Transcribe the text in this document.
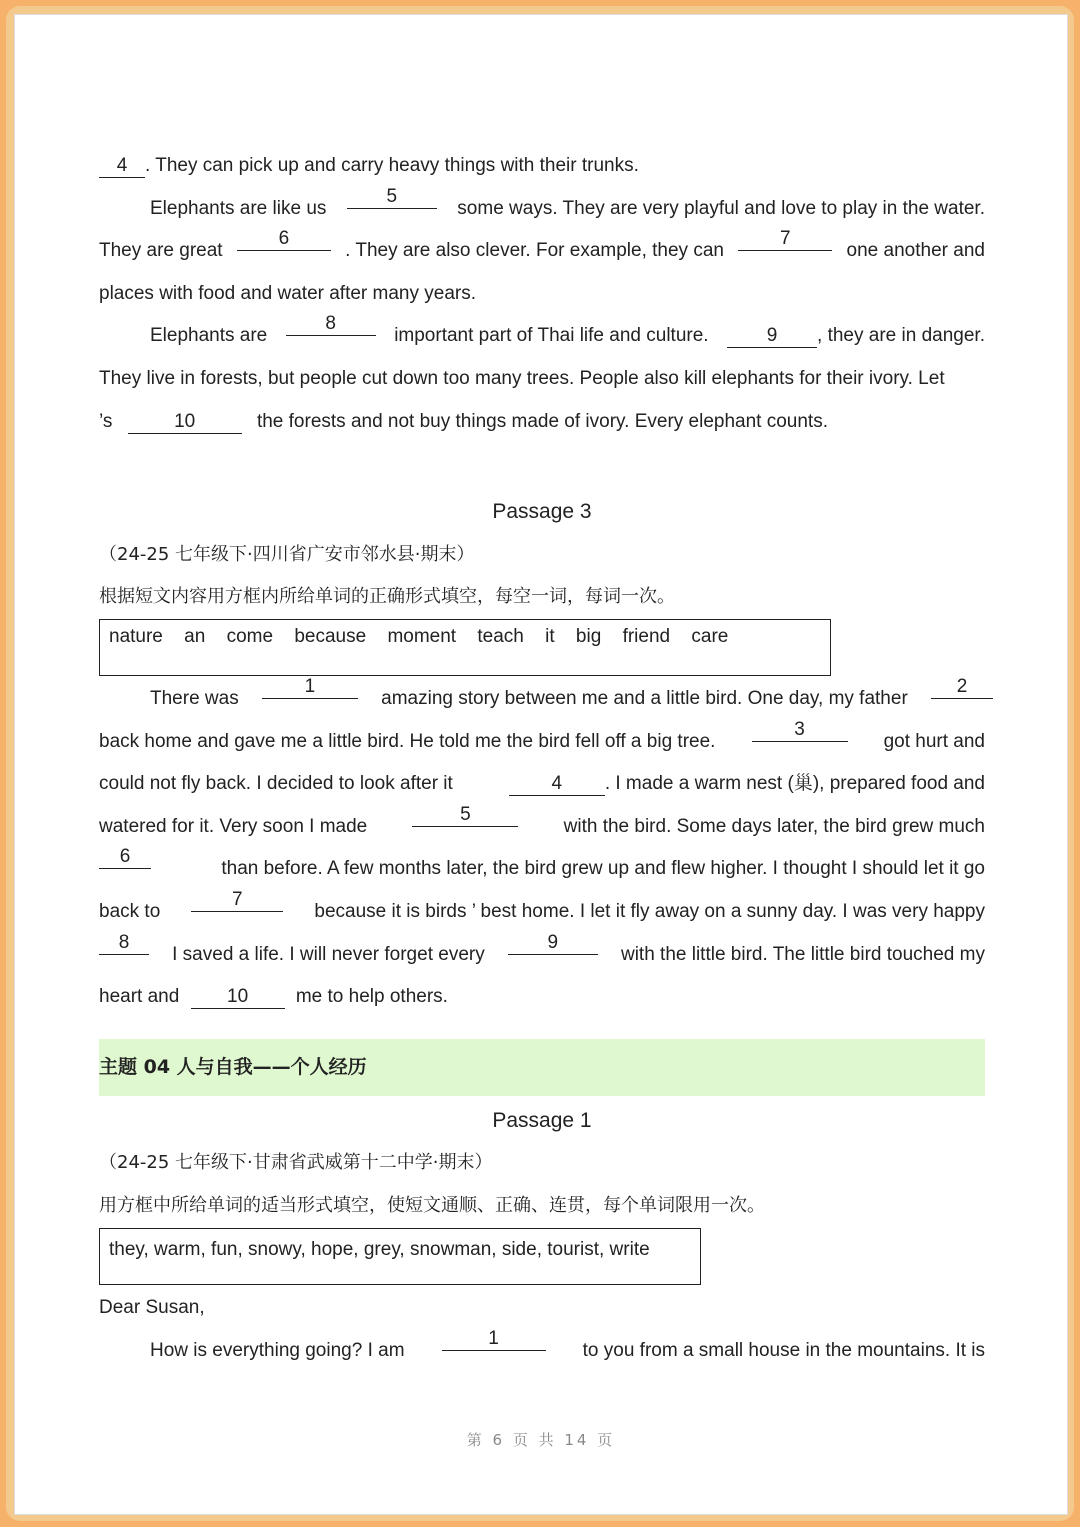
4 . They can pick up and carry heavy things with their trunks.
Elephants are like us
5
some ways. They are very playful and love to play in the water.
They are great
6
. They are also clever. For example, they can
7
one another and
places with food and water after many years.
Elephants are
8
important part of Thai life and culture.	9 , they are in danger.
They live in forests, but people cut down too many trees. People also kill elephants for their ivory. Let
’s	10	the forests and not buy things made of ivory. Every elephant counts.
Passage 3
（24-25 七年级下·四川省广安市邻水县·期末）
根据短文内容用方框内所给单词的正确形式填空，每空一词，每词一次。
nature an come because moment teach it big friend care
There was
1
amazing story between me and a little bird. One day, my father
2
back home and gave me a little bird. He told me the bird fell off a big tree.
3
got hurt and
could not fly back. I decided to look after it	4 . I made a warm nest (巢), prepared food and
watered for it. Very soon I made
5
with the bird. Some days later, the bird grew much
6
than before. A few months later, the bird grew up and flew higher. I thought I should let it go
back to
7
because it is birds ’ best home. I let it fly away on a sunny day. I was very happy
8
I saved a life. I will never forget every
9
with the little bird. The little bird touched my
heart and	10	me to help others.
主题 04 人与自我——个人经历
Passage 1
（24-25 七年级下·甘肃省武威第十二中学·期末）
用方框中所给单词的适当形式填空，使短文通顺、正确、连贯，每个单词限用一次。
they, warm, fun, snowy, hope, grey, snowman, side, tourist, write
Dear Susan,
How is everything going? I am
1
to you from a small house in the mountains. It is
第 6 页 共 14 页
